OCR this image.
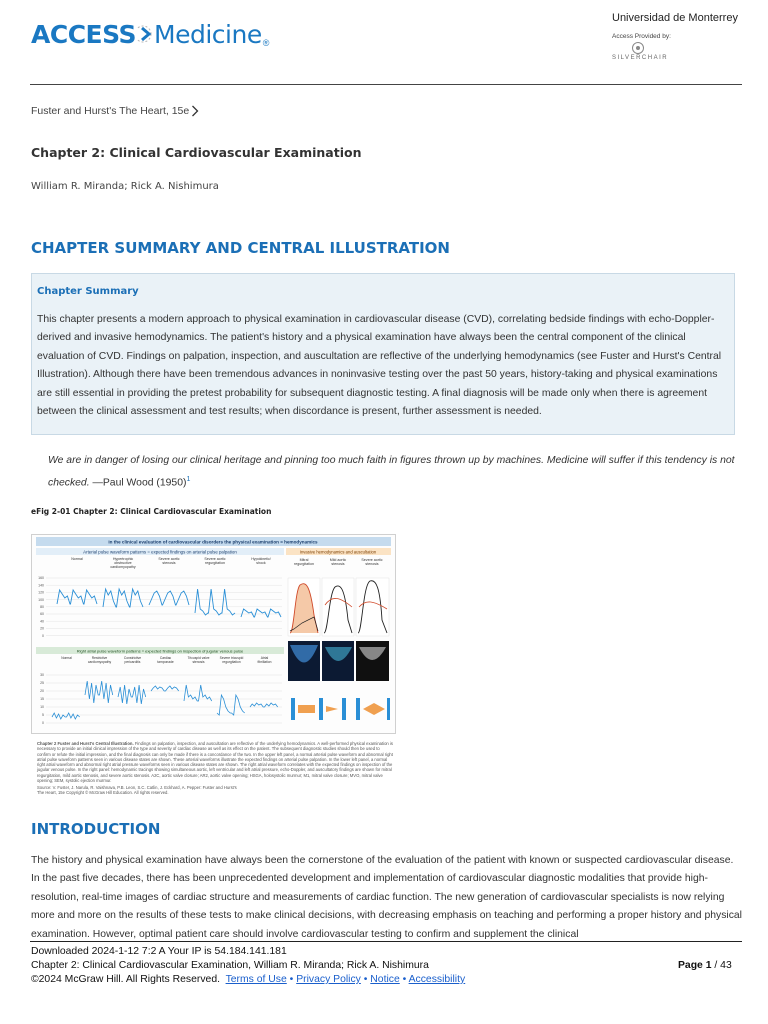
ACCESS Medicine ®
Universidad de Monterrey
Access Provided by:
SILVERCHAIR
Fuster and Hurst's The Heart, 15e
Chapter 2: Clinical Cardiovascular Examination
William R. Miranda; Rick A. Nishimura
CHAPTER SUMMARY AND CENTRAL ILLUSTRATION
Chapter Summary
This chapter presents a modern approach to physical examination in cardiovascular disease (CVD), correlating bedside findings with echo-Doppler-derived and invasive hemodynamics. The patient's history and a physical examination have always been the central component of the clinical evaluation of CVD. Findings on palpation, inspection, and auscultation are reflective of the underlying hemodynamics (see Fuster and Hurst's Central Illustration). Although there have been tremendous advances in noninvasive testing over the past 50 years, history-taking and physical examinations are still essential in providing the pretest probability for subsequent diagnostic testing. A final diagnosis will be made only when there is agreement between the clinical assessment and test results; when discordance is present, further assessment is needed.
We are in danger of losing our clinical heritage and pinning too much faith in figures thrown up by machines. Medicine will suffer if this tendency is not checked. —Paul Wood $(1950)^1$
eFig 2-01 Chapter 2: Clinical Cardiovascular Examination
In the clinical evaluation of cardiovascular disorders the physical examination = hemodynamics
Arterial pulse waveform patterns = expected findings on arterial pulse palpation
Normal	Hypertrophic
obstructive
cardiomyopathy
Severe aortic
stenosis
Severe aortic
regurgitation
Hypokinetic/
shock
160
140
120
100
80
60
40
20
0
Invasive hemodynamics and auscultation
Mitral
regurgitation
Mild aortic
stenosis
Severe aortic
stenosis
Right atrial pulse waveform patterns = expected findings on inspection of jugular venous pulse
Normal	Restrictive
cardiomyopathy
Constrictive
pericarditis
Cardiac
tamponade
Tricuspid valve
stenosis
Severe tricuspid
regurgitation
Atrial
fibrillation
30
25
20
15
10
5
0
Chapter 2 Fuster and Hurst's Central Illustration. Findings on palpation, inspection, and auscultation are reflective of the underlying hemodynamics. A well-performed physical examination is necessary to provide an initial clinical impression of the type and severity of cardiac disease as well as its effect on the patient. The subsequent diagnostic studies should then be used to confirm or refute the initial impression, and the final diagnosis can only be made if there is a concordance of the two. In the upper left panel, a normal arterial pulse waveform and abnormal right atrial pulse waveform patterns seen in various disease states are shown. These arterial waveforms illustrate the expected findings on arterial pulse palpation. In the lower left panel, a normal right atrial waveform and abnormal right atrial pressure waveforms seen in various disease states are shown. The right atrial waveform correlates with the expected findings on inspection of the jugular venous pulse. In the right panel: hemodynamic tracings showing simultaneous aortic, left ventricular and left atrial pressure, echo-Doppler, and auscultatory findings are shown for mitral regurgitation, mild aortic stenosis, and severe aortic stenosis. A2C, aortic valve closure; AR2, aortic valve opening; HSGA, holosystolic murmur; M1, mitral valve closure; MVO, mitral valve opening; SEM, systolic ejection murmur.
Source: V. Fuster, J. Narula, R. Vaishnava, P.B. Leon, S.C. Catlin, J. Eckhard, A. Pepper: Fuster and Hurst's The Heart, 15e Copyright © McGraw Hill Education. All rights reserved.
INTRODUCTION
The history and physical examination have always been the cornerstone of the evaluation of the patient with known or suspected cardiovascular disease. In the past five decades, there has been unprecedented development and implementation of cardiovascular diagnostic modalities that provide high-resolution, real-time images of cardiac structure and measurements of cardiac function. The new generation of cardiovascular specialists is now relying more and more on the results of these tests to make clinical decisions, with decreasing emphasis on teaching and performing a proper history and physical examination. However, optimal patient care should involve cardiovascular testing to confirm and supplement the clinical
Downloaded 2024-1-12 7:2 A Your IP is 54.184.141.181
Chapter 2: Clinical Cardiovascular Examination, William R. Miranda; Rick A. Nishimura
©2024 McGraw Hill. All Rights Reserved. Terms of Use • Privacy Policy • Notice • Accessibility
Page 1 / 43
